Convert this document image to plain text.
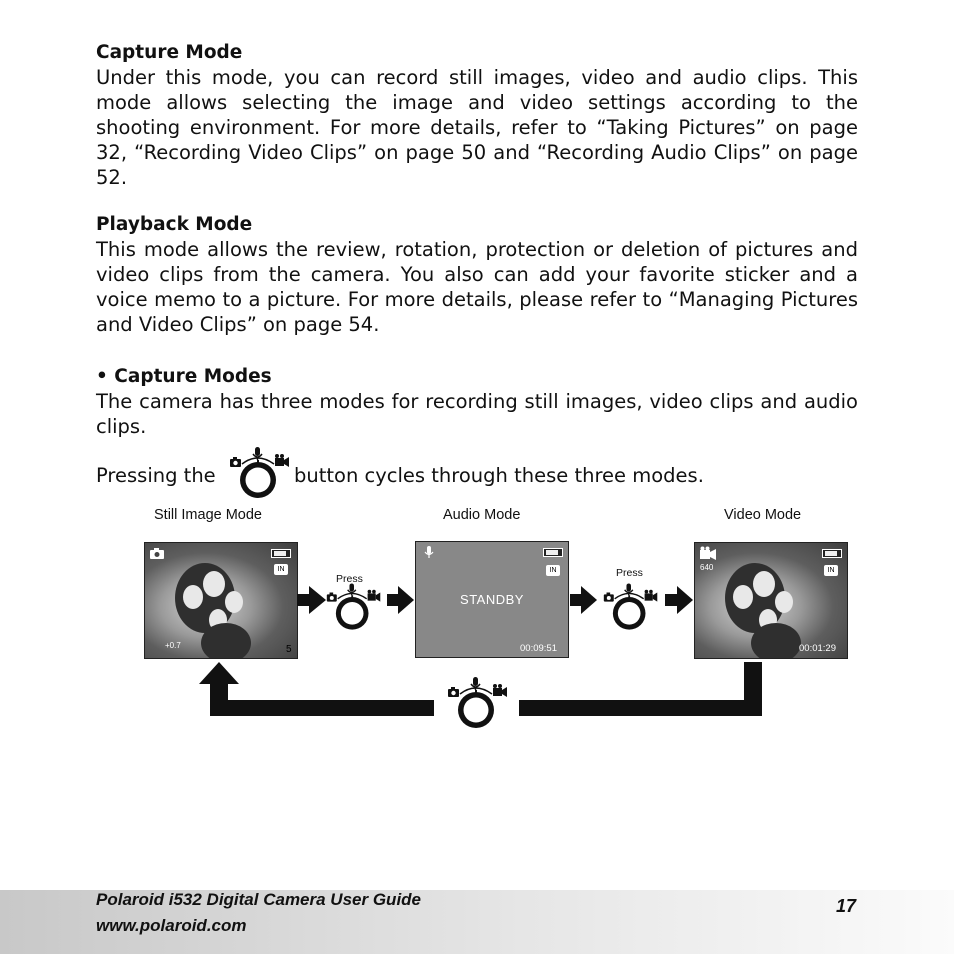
Capture Mode

Under this mode, you can record still images, video and audio clips. This mode allows selecting the image and video settings according to the shooting environment. For more details, refer to “Taking Pictures” on page 32, “Recording Video Clips” on page 50 and “Recording Audio Clips” on page 52.

Playback Mode

This mode allows the review, rotation, protection or deletion of pictures and video clips from the camera. You also can add your favorite sticker and a voice memo to a picture. For more details, please refer to “Managing Pictures and Video Clips” on page 54.

• Capture Modes

The camera has three modes for recording still images, video clips and audio clips.

Pressing the	button cycles through these three modes.
Still Image Mode	Audio Mode	Video Mode
IN
+0.7	5
IN
STANDBY
00:09:51
640	IN
00:01:29
Press	Press
Polaroid i532 Digital Camera User Guide
www.polaroid.com
17
